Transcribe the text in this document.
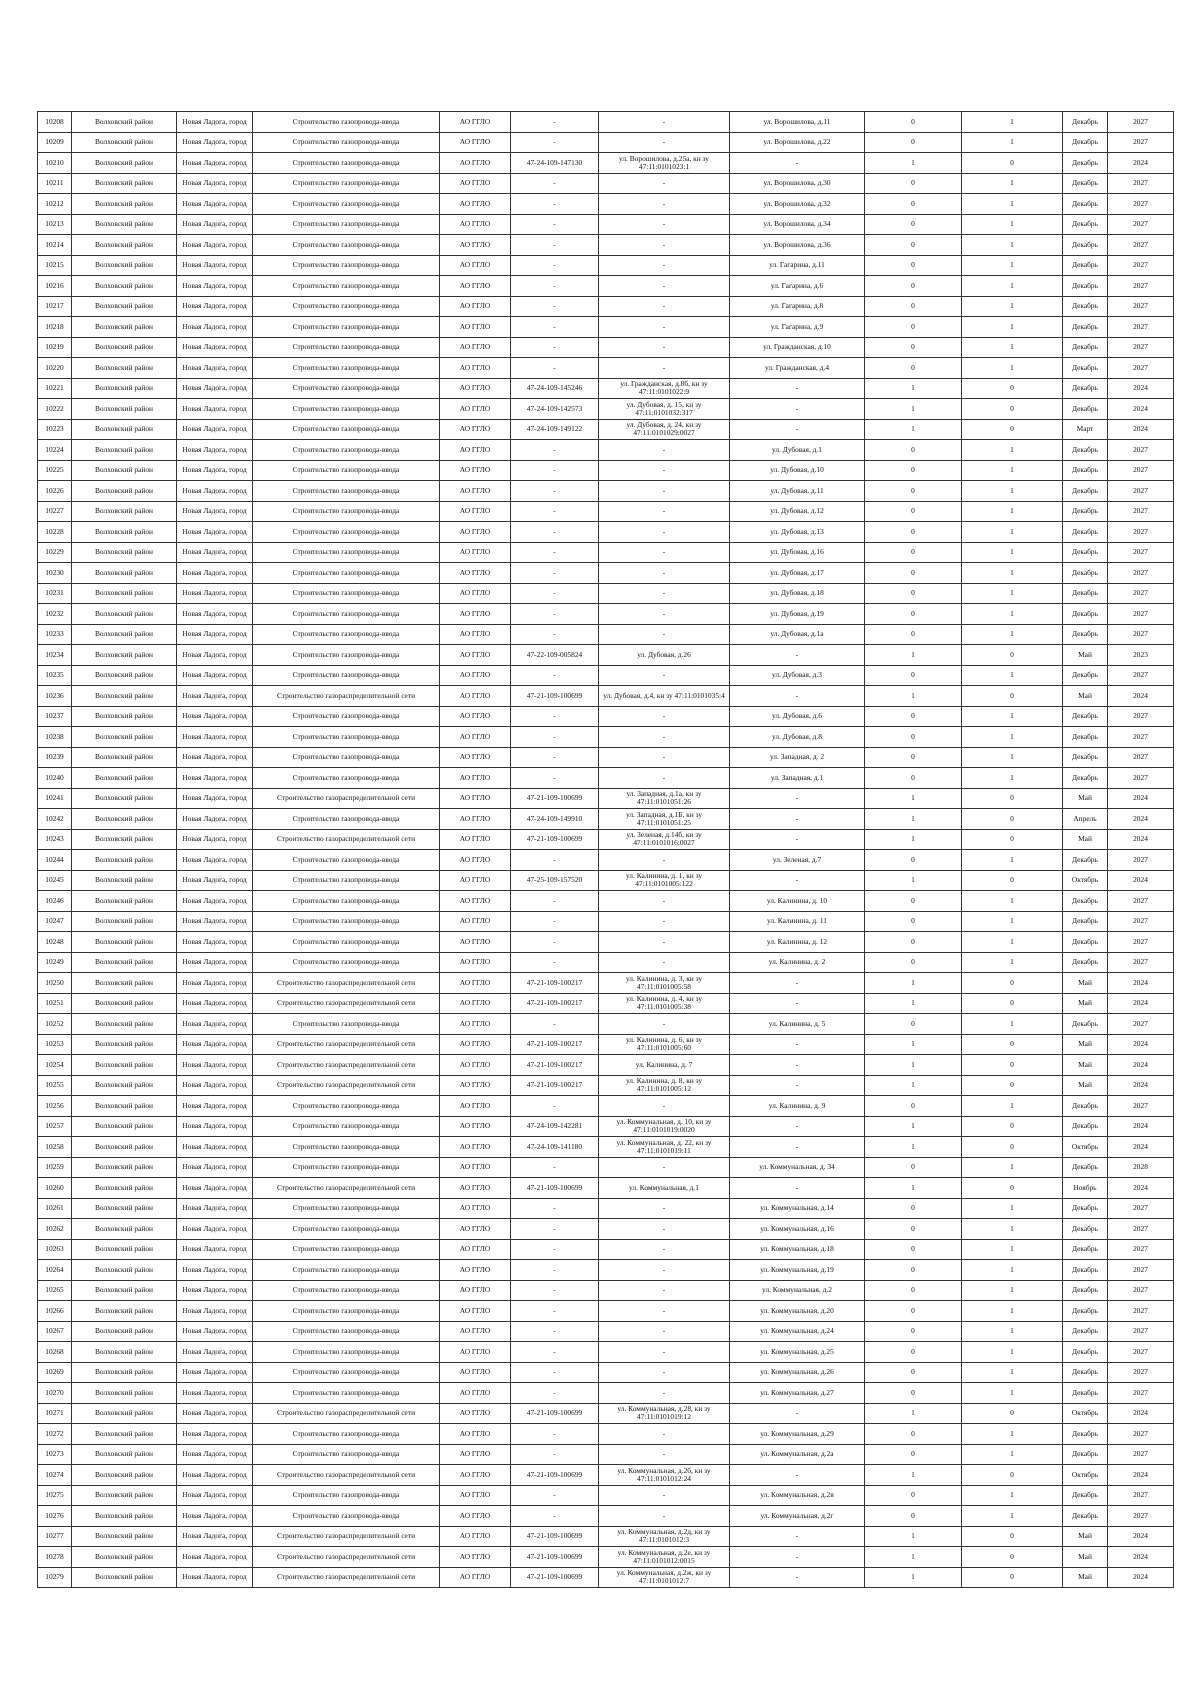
10208	Волховский район	Новая Ладога, город	Строительство газопровода-ввода	АО ГГЛО	-	-	ул. Ворошилова, д.11	0	1	Декабрь	2027
10209	Волховский район	Новая Ладога, город	Строительство газопровода-ввода	АО ГГЛО	-	-	ул. Ворошилова, д.22	0	1	Декабрь	2027
10210	Волховский район	Новая Ладога, город	Строительство газопровода-ввода	АО ГГЛО	47-24-109-147130	ул. Ворошилова, д.25а, кн зу 47:11:0101023:1	-	1	0	Декабрь	2024
10211	Волховский район	Новая Ладога, город	Строительство газопровода-ввода	АО ГГЛО	-	-	ул. Ворошилова, д.30	0	1	Декабрь	2027
10212	Волховский район	Новая Ладога, город	Строительство газопровода-ввода	АО ГГЛО	-	-	ул. Ворошилова, д.32	0	1	Декабрь	2027
10213	Волховский район	Новая Ладога, город	Строительство газопровода-ввода	АО ГГЛО	-	-	ул. Ворошилова, д.34	0	1	Декабрь	2027
10214	Волховский район	Новая Ладога, город	Строительство газопровода-ввода	АО ГГЛО	-	-	ул. Ворошилова, д.36	0	1	Декабрь	2027
10215	Волховский район	Новая Ладога, город	Строительство газопровода-ввода	АО ГГЛО	-	-	ул. Гагарина, д.11	0	1	Декабрь	2027
10216	Волховский район	Новая Ладога, город	Строительство газопровода-ввода	АО ГГЛО	-	-	ул. Гагарина, д.6	0	1	Декабрь	2027
10217	Волховский район	Новая Ладога, город	Строительство газопровода-ввода	АО ГГЛО	-	-	ул. Гагарина, д.8	0	1	Декабрь	2027
10218	Волховский район	Новая Ладога, город	Строительство газопровода-ввода	АО ГГЛО	-	-	ул. Гагарина, д.9	0	1	Декабрь	2027
10219	Волховский район	Новая Ладога, город	Строительство газопровода-ввода	АО ГГЛО	-	-	ул. Гражданская, д.10	0	1	Декабрь	2027
10220	Волховский район	Новая Ладога, город	Строительство газопровода-ввода	АО ГГЛО	-	-	ул. Гражданская, д.4	0	1	Декабрь	2027
10221	Волховский район	Новая Ладога, город	Строительство газопровода-ввода	АО ГГЛО	47-24-109-145246	ул. Гражданская, д.8б, кн зу 47:11:0101022:9	-	1	0	Декабрь	2024
10222	Волховский район	Новая Ладога, город	Строительство газопровода-ввода	АО ГГЛО	47-24-109-142573	ул. Дубовая, д. 15, кн зу 47:11:0101032:317	-	1	0	Декабрь	2024
10223	Волховский район	Новая Ладога, город	Строительство газопровода-ввода	АО ГГЛО	47-24-109-149122	ул. Дубовая, д. 24, кн зу 47:11:0101029:0027	-	1	0	Март	2024
10224	Волховский район	Новая Ладога, город	Строительство газопровода-ввода	АО ГГЛО	-	-	ул. Дубовая, д.1	0	1	Декабрь	2027
10225	Волховский район	Новая Ладога, город	Строительство газопровода-ввода	АО ГГЛО	-	-	ул. Дубовая, д.10	0	1	Декабрь	2027
10226	Волховский район	Новая Ладога, город	Строительство газопровода-ввода	АО ГГЛО	-	-	ул. Дубовая, д.11	0	1	Декабрь	2027
10227	Волховский район	Новая Ладога, город	Строительство газопровода-ввода	АО ГГЛО	-	-	ул. Дубовая, д.12	0	1	Декабрь	2027
10228	Волховский район	Новая Ладога, город	Строительство газопровода-ввода	АО ГГЛО	-	-	ул. Дубовая, д.13	0	1	Декабрь	2027
10229	Волховский район	Новая Ладога, город	Строительство газопровода-ввода	АО ГГЛО	-	-	ул. Дубовая, д.16	0	1	Декабрь	2027
10230	Волховский район	Новая Ладога, город	Строительство газопровода-ввода	АО ГГЛО	-	-	ул. Дубовая, д.17	0	1	Декабрь	2027
10231	Волховский район	Новая Ладога, город	Строительство газопровода-ввода	АО ГГЛО	-	-	ул. Дубовая, д.18	0	1	Декабрь	2027
10232	Волховский район	Новая Ладога, город	Строительство газопровода-ввода	АО ГГЛО	-	-	ул. Дубовая, д.19	0	1	Декабрь	2027
10233	Волховский район	Новая Ладога, город	Строительство газопровода-ввода	АО ГГЛО	-	-	ул. Дубовая, д.1а	0	1	Декабрь	2027
10234	Волховский район	Новая Ладога, город	Строительство газопровода-ввода	АО ГГЛО	47-22-109-005824	ул. Дубовая, д.26	-	1	0	Май	2023
10235	Волховский район	Новая Ладога, город	Строительство газопровода-ввода	АО ГГЛО	-	-	ул. Дубовая, д.3	0	1	Декабрь	2027
10236	Волховский район	Новая Ладога, город	Строительство газораспределительной сети	АО ГГЛО	47-21-109-100699	ул. Дубовая, д.4, кн зу 47:11:0101035:4	-	1	0	Май	2024
10237	Волховский район	Новая Ладога, город	Строительство газопровода-ввода	АО ГГЛО	-	-	ул. Дубовая, д.6	0	1	Декабрь	2027
10238	Волховский район	Новая Ладога, город	Строительство газопровода-ввода	АО ГГЛО	-	-	ул. Дубовая, д.8	0	1	Декабрь	2027
10239	Волховский район	Новая Ладога, город	Строительство газопровода-ввода	АО ГГЛО	-	-	ул. Западная, д. 2	0	1	Декабрь	2027
10240	Волховский район	Новая Ладога, город	Строительство газопровода-ввода	АО ГГЛО	-	-	ул. Западная, д.1	0	1	Декабрь	2027
10241	Волховский район	Новая Ладога, город	Строительство газораспределительной сети	АО ГГЛО	47-21-109-100699	ул. Западная, д.1а, кн зу 47:11:0101051:26	-	1	0	Май	2024
10242	Волховский район	Новая Ладога, город	Строительство газопровода-ввода	АО ГГЛО	47-24-109-149910	ул. Западная, д.1Б, кн зу 47:11:0101051:25	-	1	0	Апрель	2024
10243	Волховский район	Новая Ладога, город	Строительство газораспределительной сети	АО ГГЛО	47-21-109-100699	ул. Зеленая, д.14б, кн зу 47:11:0101016:0027	-	1	0	Май	2024
10244	Волховский район	Новая Ладога, город	Строительство газопровода-ввода	АО ГГЛО	-	-	ул. Зеленая, д.7	0	1	Декабрь	2027
10245	Волховский район	Новая Ладога, город	Строительство газопровода-ввода	АО ГГЛО	47-25-109-157520	ул. Калинина, д. 1, кн зу 47:11:0101005:122	-	1	0	Октябрь	2024
10246	Волховский район	Новая Ладога, город	Строительство газопровода-ввода	АО ГГЛО	-	-	ул. Калинина, д. 10	0	1	Декабрь	2027
10247	Волховский район	Новая Ладога, город	Строительство газопровода-ввода	АО ГГЛО	-	-	ул. Калинина, д. 11	0	1	Декабрь	2027
10248	Волховский район	Новая Ладога, город	Строительство газопровода-ввода	АО ГГЛО	-	-	ул. Калинина, д. 12	0	1	Декабрь	2027
10249	Волховский район	Новая Ладога, город	Строительство газопровода-ввода	АО ГГЛО	-	-	ул. Калинина, д. 2	0	1	Декабрь	2027
10250	Волховский район	Новая Ладога, город	Строительство газораспределительной сети	АО ГГЛО	47-21-109-100217	ул. Калинина, д. 3, кн зу 47:11:0101005:58	-	1	0	Май	2024
10251	Волховский район	Новая Ладога, город	Строительство газораспределительной сети	АО ГГЛО	47-21-109-100217	ул. Калинина, д. 4, кн зу 47:11:0101005:38	-	1	0	Май	2024
10252	Волховский район	Новая Ладога, город	Строительство газопровода-ввода	АО ГГЛО	-	-	ул. Калинина, д. 5	0	1	Декабрь	2027
10253	Волховский район	Новая Ладога, город	Строительство газораспределительной сети	АО ГГЛО	47-21-109-100217	ул. Калинина, д. 6, кн зу 47:11:0101005:60	-	1	0	Май	2024
10254	Волховский район	Новая Ладога, город	Строительство газораспределительной сети	АО ГГЛО	47-21-109-100217	ул. Калинина, д. 7	-	1	0	Май	2024
10255	Волховский район	Новая Ладога, город	Строительство газораспределительной сети	АО ГГЛО	47-21-109-100217	ул. Калинина, д. 8, кн зу 47:11:0101005:12	-	1	0	Май	2024
10256	Волховский район	Новая Ладога, город	Строительство газопровода-ввода	АО ГГЛО	-	-	ул. Калинина, д. 9	0	1	Декабрь	2027
10257	Волховский район	Новая Ладога, город	Строительство газопровода-ввода	АО ГГЛО	47-24-109-142281	ул. Коммунальная, д. 10, кн зу 47:11:0101019:0020	-	1	0	Декабрь	2024
10258	Волховский район	Новая Ладога, город	Строительство газопровода-ввода	АО ГГЛО	47-24-109-141180	ул. Коммунальная, д. 22, кн зу 47:11:0101019:11	-	1	0	Октябрь	2024
10259	Волховский район	Новая Ладога, город	Строительство газопровода-ввода	АО ГГЛО	-	-	ул. Коммунальная, д. 34	0	1	Декабрь	2028
10260	Волховский район	Новая Ладога, город	Строительство газораспределительной сети	АО ГГЛО	47-21-109-100699	ул. Коммунальная, д.1	-	1	0	Ноябрь	2024
10261	Волховский район	Новая Ладога, город	Строительство газопровода-ввода	АО ГГЛО	-	-	ул. Коммунальная, д.14	0	1	Декабрь	2027
10262	Волховский район	Новая Ладога, город	Строительство газопровода-ввода	АО ГГЛО	-	-	ул. Коммунальная, д.16	0	1	Декабрь	2027
10263	Волховский район	Новая Ладога, город	Строительство газопровода-ввода	АО ГГЛО	-	-	ул. Коммунальная, д.18	0	1	Декабрь	2027
10264	Волховский район	Новая Ладога, город	Строительство газопровода-ввода	АО ГГЛО	-	-	ул. Коммунальная, д.19	0	1	Декабрь	2027
10265	Волховский район	Новая Ладога, город	Строительство газопровода-ввода	АО ГГЛО	-	-	ул. Коммунальная, д.2	0	1	Декабрь	2027
10266	Волховский район	Новая Ладога, город	Строительство газопровода-ввода	АО ГГЛО	-	-	ул. Коммунальная, д.20	0	1	Декабрь	2027
10267	Волховский район	Новая Ладога, город	Строительство газопровода-ввода	АО ГГЛО	-	-	ул. Коммунальная, д.24	0	1	Декабрь	2027
10268	Волховский район	Новая Ладога, город	Строительство газопровода-ввода	АО ГГЛО	-	-	ул. Коммунальная, д.25	0	1	Декабрь	2027
10269	Волховский район	Новая Ладога, город	Строительство газопровода-ввода	АО ГГЛО	-	-	ул. Коммунальная, д.26	0	1	Декабрь	2027
10270	Волховский район	Новая Ладога, город	Строительство газопровода-ввода	АО ГГЛО	-	-	ул. Коммунальная, д.27	0	1	Декабрь	2027
10271	Волховский район	Новая Ладога, город	Строительство газораспределительной сети	АО ГГЛО	47-21-109-100699	ул. Коммунальная, д.28, кн зу 47:11:0101019:12	-	1	0	Октябрь	2024
10272	Волховский район	Новая Ладога, город	Строительство газопровода-ввода	АО ГГЛО	-	-	ул. Коммунальная, д.29	0	1	Декабрь	2027
10273	Волховский район	Новая Ладога, город	Строительство газопровода-ввода	АО ГГЛО	-	-	ул. Коммунальная, д.2а	0	1	Декабрь	2027
10274	Волховский район	Новая Ладога, город	Строительство газораспределительной сети	АО ГГЛО	47-21-109-100699	ул. Коммунальная, д.2б, кн зу 47:11:0101012:24	-	1	0	Октябрь	2024
10275	Волховский район	Новая Ладога, город	Строительство газопровода-ввода	АО ГГЛО	-	-	ул. Коммунальная, д.2в	0	1	Декабрь	2027
10276	Волховский район	Новая Ладога, город	Строительство газопровода-ввода	АО ГГЛО	-	-	ул. Коммунальная, д.2г	0	1	Декабрь	2027
10277	Волховский район	Новая Ладога, город	Строительство газораспределительной сети	АО ГГЛО	47-21-109-100699	ул. Коммунальная, д.2д, кн зу 47:11:0101012:3	-	1	0	Май	2024
10278	Волховский район	Новая Ладога, город	Строительство газораспределительной сети	АО ГГЛО	47-21-109-100699	ул. Коммунальная, д.2е, кн зу 47:11:0101012:0015	-	1	0	Май	2024
10279	Волховский район	Новая Ладога, город	Строительство газораспределительной сети	АО ГГЛО	47-21-109-100699	ул. Коммунальная, д.2ж, кн зу 47:11:0101012:7	-	1	0	Май	2024
